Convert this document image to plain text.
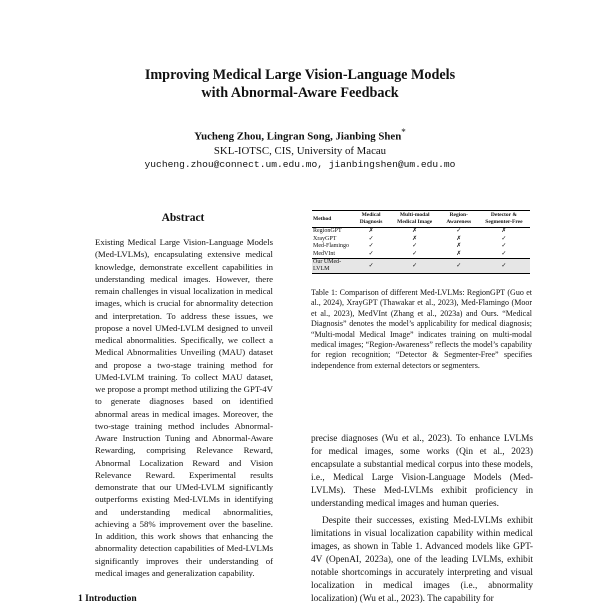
Improving Medical Large Vision-Language Models
with Abnormal-Aware Feedback
Yucheng Zhou, Lingran Song, Jianbing Shen*
SKL-IOTSC, CIS, University of Macau
yucheng.zhou@connect.um.edu.mo, jianbingshen@um.edu.mo
Abstract
Existing Medical Large Vision-Language Models (Med-LVLMs), encapsulating extensive medical knowledge, demonstrate excellent capabilities in understanding medical images. However, there remain challenges in visual localization in medical images, which is crucial for abnormality detection and interpretation. To address these issues, we propose a novel UMed-LVLM designed to unveil medical abnormalities. Specifically, we collect a Medical Abnormalities Unveiling (MAU) dataset and propose a two-stage training method for UMed-LVLM training. To collect MAU dataset, we propose a prompt method utilizing the GPT-4V to generate diagnoses based on identified abnormal areas in medical images. Moreover, the two-stage training method includes Abnormal-Aware Instruction Tuning and Abnormal-Aware Rewarding, comprising Relevance Reward, Abnormal Localization Reward and Vision Relevance Reward. Experimental results demonstrate that our UMed-LVLM significantly outperforms existing Med-LVLMs in identifying and understanding medical abnormalities, achieving a 58% improvement over the baseline. In addition, this work shows that enhancing the abnormality detection capabilities of Med-LVLMs significantly improves their understanding of medical images and generalization capability.
Method	Medical Diagnosis	Multi-modal Medical Image	Region-Awareness	Detector & Segmenter-Free
RegionGPT	✗	✗	✓	✗
XrayGPT	✓	✗	✗	✓
Med-Flamingo	✓	✓	✗	✓
MedVInt	✓	✓	✗	✓
Our UMed-LVLM	✓	✓	✓	✓
Table 1: Comparison of different Med-LVLMs: RegionGPT (Guo et al., 2024), XrayGPT (Thawakar et al., 2023), Med-Flamingo (Moor et al., 2023), MedVInt (Zhang et al., 2023a) and Ours. “Medical Diagnosis” denotes the model’s applicability for medical diagnosis; “Multi-modal Medical Image” indicates training on multi-modal medical images; “Region-Awareness” reflects the model’s capability for region recognition; “Detector & Segmenter-Free” specifies independence from external detectors or segmenters.

precise diagnoses (Wu et al., 2023). To enhance LVLMs for medical images, some works (Qin et al., 2023) encapsulate a substantial medical corpus into these models, i.e., Medical Large Vision-Language Models (Med-LVLMs). These Med-LVLMs exhibit proficiency in understanding medical images and human queries.

Despite their successes, existing Med-LVLMs exhibit limitations in visual localization capability within medical images, as shown in Table 1. Advanced models like GPT-4V (OpenAI, 2023a), one of the leading LVLMs, exhibit notable shortcomings in accurately interpreting and visual localization in medical images (i.e., abnormality localization) (Wu et al., 2023). The capability for

1 Introduction
